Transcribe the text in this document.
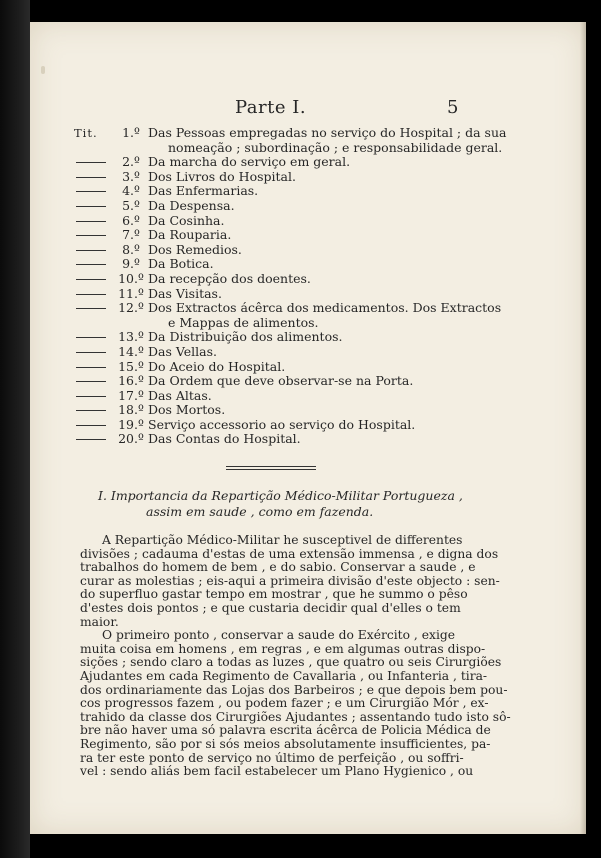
Parte I.	5
Tit.	1.º Das Pessoas empregadas no serviço do Hospital ; da sua
nomeação ; subordinação ; e responsabilidade geral.
2.º Da marcha do serviço em geral.
3.º Dos Livros do Hospital.
4.º Das Enfermarias.
5.º Da Despensa.
6.º Da Cosinha.
7.º Da Rouparia.
8.º Dos Remedios.
9.º Da Botica.
10.º Da recepção dos doentes.
11.º Das Visitas.
12.º Dos Extractos ácêrca dos medicamentos. Dos Extractos
e Mappas de alimentos.
13.º Da Distribuição dos alimentos.
14.º Das Vellas.
15.º Do Aceio do Hospital.
16.º Da Ordem que deve observar-se na Porta.
17.º Das Altas.
18.º Dos Mortos.
19.º Serviço accessorio ao serviço do Hospital.
20.º Das Contas do Hospital.
I. Importancia da Repartição Médico-Militar Portugueza ,
assim em saude , como em fazenda.
A Repartição Médico-Militar he susceptivel de differentes
divisões ; cadauma d'estas de uma extensão immensa , e digna dos
trabalhos do homem de bem , e do sabio. Conservar a saude , e
curar as molestias ; eis-aqui a primeira divisão d'este objecto : sen-
do superfluo gastar tempo em mostrar , que he summo o pêso
d'estes dois pontos ; e que custaria decidir qual d'elles o tem
maior.
O primeiro ponto , conservar a saude do Exército , exige
muita coisa em homens , em regras , e em algumas outras dispo-
sições ; sendo claro a todas as luzes , que quatro ou seis Cirurgiões
Ajudantes em cada Regimento de Cavallaria , ou Infanteria , tira-
dos ordinariamente das Lojas dos Barbeiros ; e que depois bem pou-
cos progressos fazem , ou podem fazer ; e um Cirurgião Mór , ex-
trahido da classe dos Cirurgiões Ajudantes ; assentando tudo isto sô-
bre não haver uma só palavra escrita ácêrca de Policia Médica de
Regimento, são por si sós meios absolutamente insufficientes, pa-
ra ter este ponto de serviço no último de perfeição , ou soffri-
vel : sendo aliás bem facil estabelecer um Plano Hygienico , ou
